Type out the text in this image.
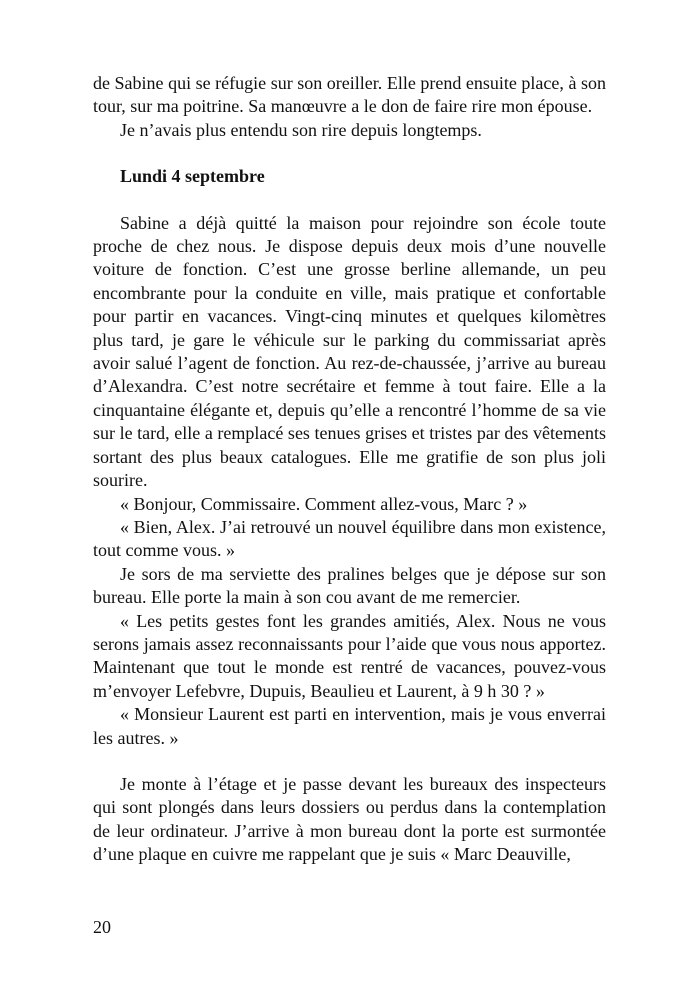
de Sabine qui se réfugie sur son oreiller. Elle prend ensuite place, à son tour, sur ma poitrine. Sa manœuvre a le don de faire rire mon épouse.

Je n’avais plus entendu son rire depuis longtemps.

Lundi 4 septembre

Sabine a déjà quitté la maison pour rejoindre son école toute proche de chez nous. Je dispose depuis deux mois d’une nouvelle voiture de fonction. C’est une grosse berline allemande, un peu encombrante pour la conduite en ville, mais pratique et confortable pour partir en vacances. Vingt-cinq minutes et quelques kilomètres plus tard, je gare le véhicule sur le parking du commissariat après avoir salué l’agent de fonction. Au rez-de-chaussée, j’arrive au bureau d’Alexandra. C’est notre secrétaire et femme à tout faire. Elle a la cinquantaine élégante et, depuis qu’elle a rencontré l’homme de sa vie sur le tard, elle a remplacé ses tenues grises et tristes par des vêtements sortant des plus beaux catalogues. Elle me gratifie de son plus joli sourire.

« Bonjour, Commissaire. Comment allez-vous, Marc ? »

« Bien, Alex. J’ai retrouvé un nouvel équilibre dans mon existence, tout comme vous. »

Je sors de ma serviette des pralines belges que je dépose sur son bureau. Elle porte la main à son cou avant de me remercier.

« Les petits gestes font les grandes amitiés, Alex. Nous ne vous serons jamais assez reconnaissants pour l’aide que vous nous apportez. Maintenant que tout le monde est rentré de vacances, pouvez-vous m’envoyer Lefebvre, Dupuis, Beaulieu et Laurent, à 9 h 30 ? »

« Monsieur Laurent est parti en intervention, mais je vous enverrai les autres. »

Je monte à l’étage et je passe devant les bureaux des inspecteurs qui sont plongés dans leurs dossiers ou perdus dans la contemplation de leur ordinateur. J’arrive à mon bureau dont la porte est surmontée d’une plaque en cuivre me rappelant que je suis « Marc Deauville,

20
